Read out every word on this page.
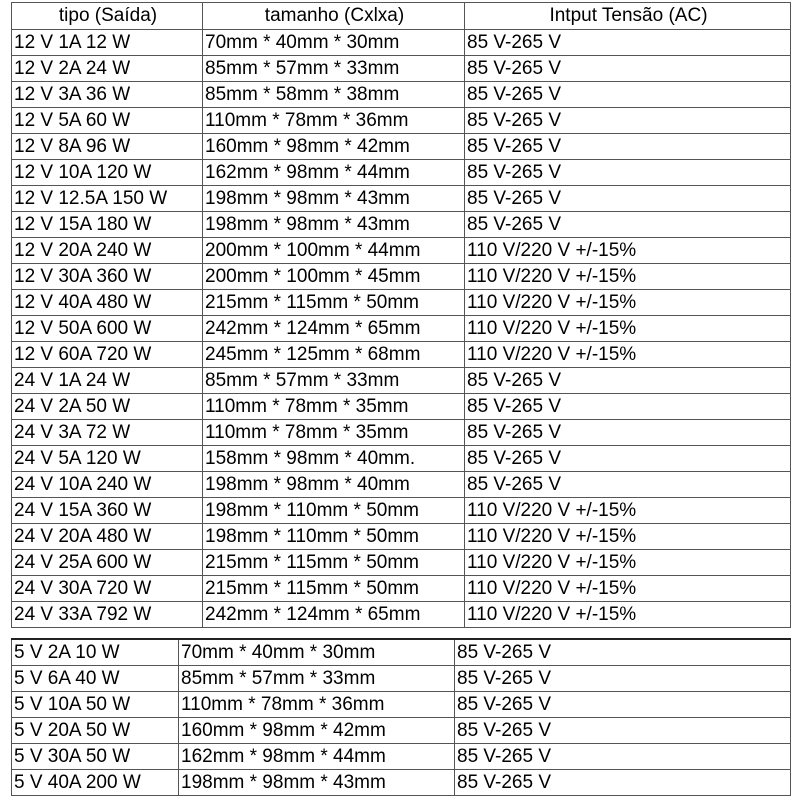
tipo (Saída)	tamanho (Cxlxa)	Intput Tensão (AC)
12 V 1A 12 W	70mm * 40mm * 30mm	85 V-265 V
12 V 2A 24 W	85mm * 57mm * 33mm	85 V-265 V
12 V 3A 36 W	85mm * 58mm * 38mm	85 V-265 V
12 V 5A 60 W	110mm * 78mm * 36mm	85 V-265 V
12 V 8A 96 W	160mm * 98mm * 42mm	85 V-265 V
12 V 10A 120 W	162mm * 98mm * 44mm	85 V-265 V
12 V 12.5A 150 W	198mm * 98mm * 43mm	85 V-265 V
12 V 15A 180 W	198mm * 98mm * 43mm	85 V-265 V
12 V 20A 240 W	200mm * 100mm * 44mm	110 V/220 V +/-15%
12 V 30A 360 W	200mm * 100mm * 45mm	110 V/220 V +/-15%
12 V 40A 480 W	215mm * 115mm * 50mm	110 V/220 V +/-15%
12 V 50A 600 W	242mm * 124mm * 65mm	110 V/220 V +/-15%
12 V 60A 720 W	245mm * 125mm * 68mm	110 V/220 V +/-15%
24 V 1A 24 W	85mm * 57mm * 33mm	85 V-265 V
24 V 2A 50 W	110mm * 78mm * 35mm	85 V-265 V
24 V 3A 72 W	110mm * 78mm * 35mm	85 V-265 V
24 V 5A 120 W	158mm * 98mm * 40mm.	85 V-265 V
24 V 10A 240 W	198mm * 98mm * 40mm	85 V-265 V
24 V 15A 360 W	198mm * 110mm * 50mm	110 V/220 V +/-15%
24 V 20A 480 W	198mm * 110mm * 50mm	110 V/220 V +/-15%
24 V 25A 600 W	215mm * 115mm * 50mm	110 V/220 V +/-15%
24 V 30A 720 W	215mm * 115mm * 50mm	110 V/220 V +/-15%
24 V 33A 792 W	242mm * 124mm * 65mm	110 V/220 V +/-15%
5 V 2A 10 W	70mm * 40mm * 30mm	85 V-265 V
5 V 6A 40 W	85mm * 57mm * 33mm	85 V-265 V
5 V 10A 50 W	110mm * 78mm * 36mm	85 V-265 V
5 V 20A 50 W	160mm * 98mm * 42mm	85 V-265 V
5 V 30A 50 W	162mm * 98mm * 44mm	85 V-265 V
5 V 40A 200 W	198mm * 98mm * 43mm	85 V-265 V
